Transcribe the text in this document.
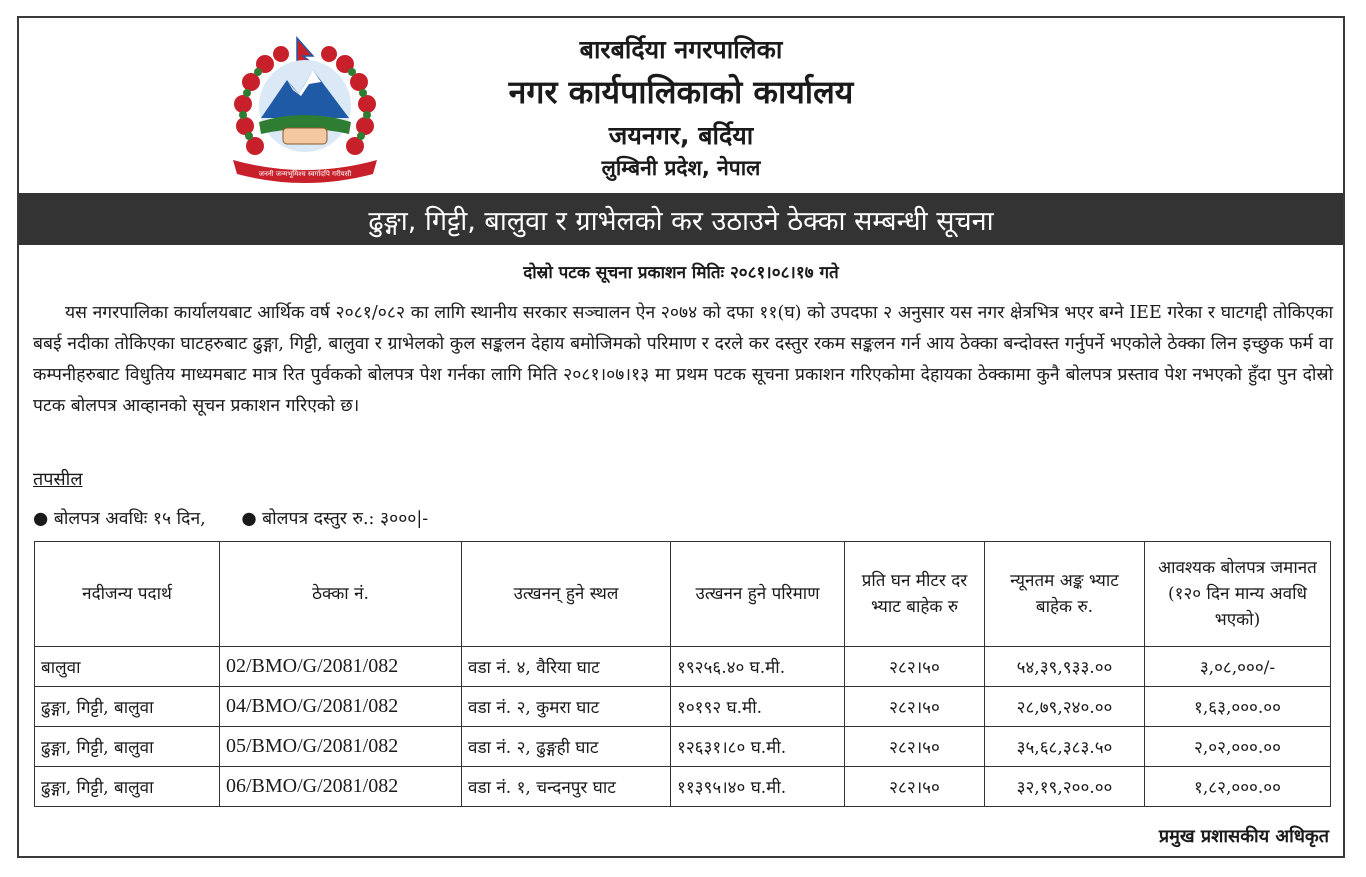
जननी जन्मभूमिश्च स्वर्गादपि गरीयसी
बारबर्दिया नगरपालिका
नगर कार्यपालिकाको कार्यालय
जयनगर, बर्दिया
लुम्बिनी प्रदेश, नेपाल
ढुङ्गा, गिट्टी, बालुवा र ग्राभेलको कर उठाउने ठेक्का सम्बन्धी सूचना
दोस्रो पटक सूचना प्रकाशन मितिः २०८१।०८।१७ गते
यस नगरपालिका कार्यालयबाट आर्थिक वर्ष २०८१/०८२ का लागि स्थानीय सरकार सञ्चालन ऐन २०७४ को दफा ११(घ) को उपदफा २ अनुसार यस नगर क्षेत्रभित्र भएर बग्ने IEE गरेका र घाटगद्दी तोकिएका बबई नदीका तोकिएका घाटहरुबाट ढुङ्गा, गिट्टी, बालुवा र ग्राभेलको कुल सङ्कलन देहाय बमोजिमको परिमाण र दरले कर दस्तुर रकम सङ्कलन गर्न आय ठेक्का बन्दोवस्त गर्नुपर्ने भएकोले ठेक्का लिन इच्छुक फर्म वा कम्पनीहरुबाट विधुतिय माध्यमबाट मात्र रित पुर्वकको बोलपत्र पेश गर्नका लागि मिति २०८१।०७।१३ मा प्रथम पटक सूचना प्रकाशन गरिएकोमा देहायका ठेक्कामा कुनै बोलपत्र प्रस्ताव पेश नभएको हुँदा पुन दोस्रो पटक बोलपत्र आव्हानको सूचन प्रकाशन गरिएको छ।
तपसील
● बोलपत्र अवधिः १५ दिन, ● बोलपत्र दस्तुर रु.: ३०००|-
नदीजन्य पदार्थ	ठेक्का नं.	उत्खनन् हुने स्थल	उत्खनन हुने परिमाण	प्रति घन मीटर दर भ्याट बाहेक रु	न्यूनतम अङ्क भ्याट बाहेक रु.	आवश्यक बोलपत्र जमानत (१२० दिन मान्य अवधि भएको)
बालुवा	02/BMO/G/2081/082	वडा नं. ४, वैरिया घाट	१९२५६.४० घ.मी.	२८२।५०	५४,३९,९३३.००	३,०८,०००/-
ढुङ्गा, गिट्टी, बालुवा	04/BMO/G/2081/082	वडा नं. २, कुमरा घाट	१०१९२ घ.मी.	२८२।५०	२८,७९,२४०.००	१,६३,०००.००
ढुङ्गा, गिट्टी, बालुवा	05/BMO/G/2081/082	वडा नं. २, ढुङ्गही घाट	१२६३१।८० घ.मी.	२८२।५०	३५,६८,३८३.५०	२,०२,०००.००
ढुङ्गा, गिट्टी, बालुवा	06/BMO/G/2081/082	वडा नं. १, चन्दनपुर घाट	११३९५।४० घ.मी.	२८२।५०	३२,१९,२००.००	१,८२,०००.००
प्रमुख प्रशासकीय अधिकृत
